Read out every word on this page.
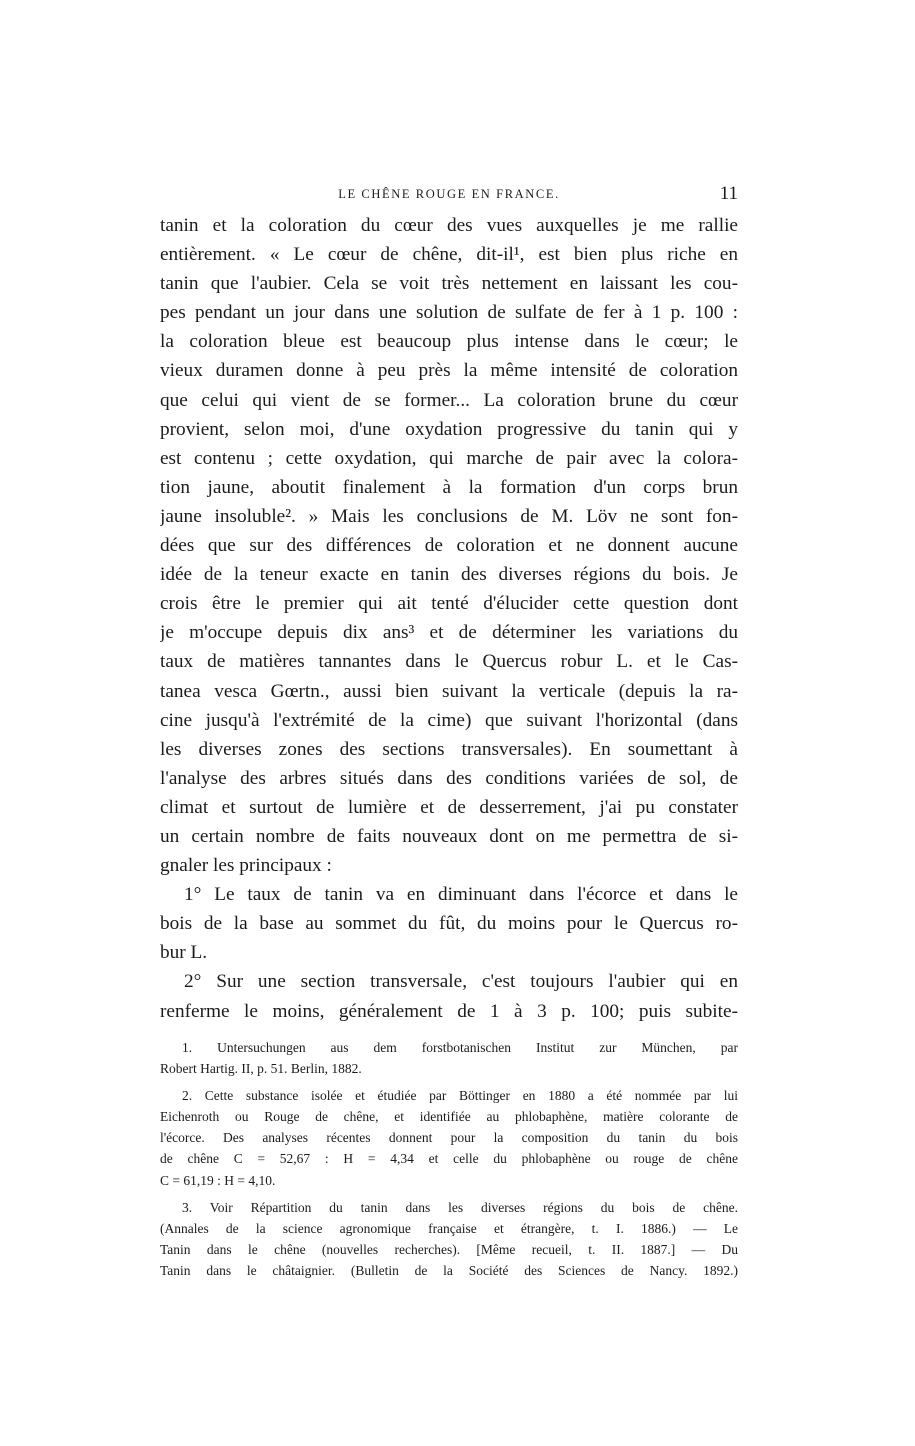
LE CHÊNE ROUGE EN FRANCE.	11
tanin et la coloration du cœur des vues auxquelles je me rallie
entièrement. « Le cœur de chêne, dit-il¹, est bien plus riche en
tanin que l'aubier. Cela se voit très nettement en laissant les cou-
pes pendant un jour dans une solution de sulfate de fer à 1 p. 100 :
la coloration bleue est beaucoup plus intense dans le cœur; le
vieux duramen donne à peu près la même intensité de coloration
que celui qui vient de se former... La coloration brune du cœur
provient, selon moi, d'une oxydation progressive du tanin qui y
est contenu ; cette oxydation, qui marche de pair avec la colora-
tion jaune, aboutit finalement à la formation d'un corps brun
jaune insoluble². » Mais les conclusions de M. Löv ne sont fon-
dées que sur des différences de coloration et ne donnent aucune
idée de la teneur exacte en tanin des diverses régions du bois. Je
crois être le premier qui ait tenté d'élucider cette question dont
je m'occupe depuis dix ans³ et de déterminer les variations du
taux de matières tannantes dans le Quercus robur L. et le Cas-
tanea vesca Gœrtn., aussi bien suivant la verticale (depuis la ra-
cine jusqu'à l'extrémité de la cime) que suivant l'horizontal (dans
les diverses zones des sections transversales). En soumettant à
l'analyse des arbres situés dans des conditions variées de sol, de
climat et surtout de lumière et de desserrement, j'ai pu constater
un certain nombre de faits nouveaux dont on me permettra de si-
gnaler les principaux :
1° Le taux de tanin va en diminuant dans l'écorce et dans le
bois de la base au sommet du fût, du moins pour le Quercus ro-
bur L.
2° Sur une section transversale, c'est toujours l'aubier qui en
renferme le moins, généralement de 1 à 3 p. 100; puis subite-
1. Untersuchungen aus dem forstbotanischen Institut zur München, par
Robert Hartig. II, p. 51. Berlin, 1882.
2. Cette substance isolée et étudiée par Böttinger en 1880 a été nommée par lui
Eichenroth ou Rouge de chêne, et identifiée au phlobaphène, matière colorante de
l'écorce. Des analyses récentes donnent pour la composition du tanin du bois
de chêne C = 52,67 : H = 4,34 et celle du phlobaphène ou rouge de chêne
C = 61,19 : H = 4,10.
3. Voir Répartition du tanin dans les diverses régions du bois de chêne.
(Annales de la science agronomique française et étrangère, t. I. 1886.) — Le
Tanin dans le chêne (nouvelles recherches). [Même recueil, t. II. 1887.] — Du
Tanin dans le châtaignier. (Bulletin de la Société des Sciences de Nancy. 1892.)
